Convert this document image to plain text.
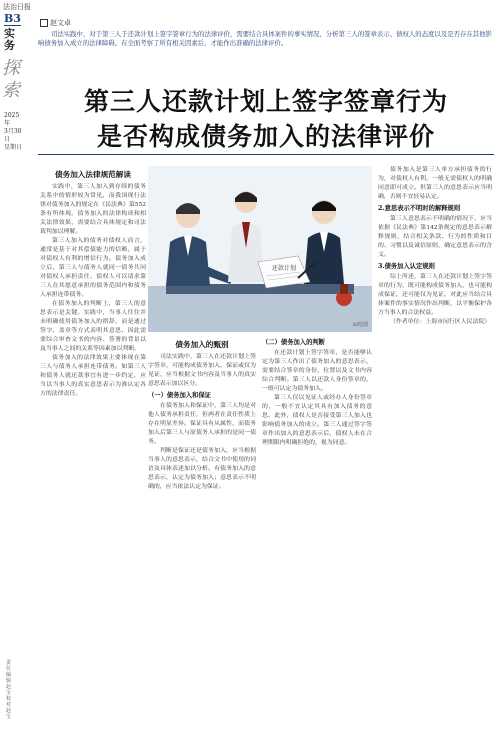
法治日报
B3
实务
探索
2025年
3月30日
星期日
责任编辑 赵宝 校对 赵宝
赵文卓
司法实践中，对于第三人于还款计划上签字签章行为的法律评价，需要结合具体案件的事实情况，分析第三人的签章表示、债权人的态度以及是否存在其他影响债务加入成立的法律障碍。在全面考察了所有相关因素后，才能作出准确的法律评价。
第三人还款计划上签字签章行为
是否构成债务加入的法律评价
债务加入法律规范解读

实践中，第三人加入到存续的债务关系中的情形较为常见，而我国现行法律对债务加入的规定在《民法典》第552条有所体现。债务加入的法律构成和相关法律效果，需要结合具体规定和司法裁判加以理解。

第三人加入的债务对债权人而言，通常是基于对其偿债能力的信赖，属于对债权人有利的增信行为。债务加入成立后，第三人与债务人就同一债务共同对债权人承担责任，债权人可以请求第三人在其愿意承担的债务范围内和债务人承担连带债务。

在债务加入的判断上，第三人的意思表示是关键。实践中，当事人往往并未明确使用债务加入的措辞，而是通过签字、盖章等方式表明其意思，因此需要综合审查文书的内容、签署的背景以及当事人之间的关系等因素加以判断。

债务加入的法律效果主要体现在第三人与债务人承担连带债务。如第三人和债务人就还款事宜有进一步约定，应当以当事人的真实意思表示为准认定各方的法律责任。

还款计划
AI绘图
债务加入的甄别

司法实践中，第三人在还款计划上签字签章，可能构成债务加入、保证或仅为见证，应当根据文书内容及当事人的真实意思表示加以区分。

（一）债务加入和保证

在债务加入和保证中，第三人均是对他人债务承担责任，但两者在责任性质上存在明显差异。保证具有从属性，而债务加入后第三人与原债务人承担的是同一债务。

判断是保证还是债务加入，应当根据当事人的意思表示，结合文书中使用的词语及具体表述加以分析。有债务加入的意思表示，认定为债务加入；意思表示不明确的，应当依法认定为保证。

（二）债务加入的判断

在还款计划上签字签章，是否能够认定为第三人作出了债务加入的意思表示，需要结合签章的身份、位置以及文书内容综合判断。第三人以还款人身份签章的，一般可认定为债务加入。

第三人仅以见证人或经办人身份签章的，一般不宜认定其具有加入债务的意思。此外，债权人是否接受第三人加入也影响债务加入的成立。第三人通过签字签章作出加入的意思表示后，债权人未在合理期限内明确拒绝的，视为同意。

债务加入是第三人单方承担债务的行为，对债权人有利，一般无需债权人的明确同意即可成立。但第三人的意思表示应当明确，否则不宜轻易认定。

2.意思表示不明时的解释规则

第三人意思表示不明确的情况下，应当依据《民法典》第142条规定的意思表示解释规则，结合相关条款、行为的性质和目的、习惯以及诚信原则，确定意思表示的含义。

3.债务加入认定规则

综上所述，第三人在还款计划上签字签章的行为，既可能构成债务加入，也可能构成保证，还可能仅为见证。对此应当结合具体案件的事实情况作出判断，以平衡保护各方当事人的合法权益。

（作者单位：上海市闵行区人民法院）
